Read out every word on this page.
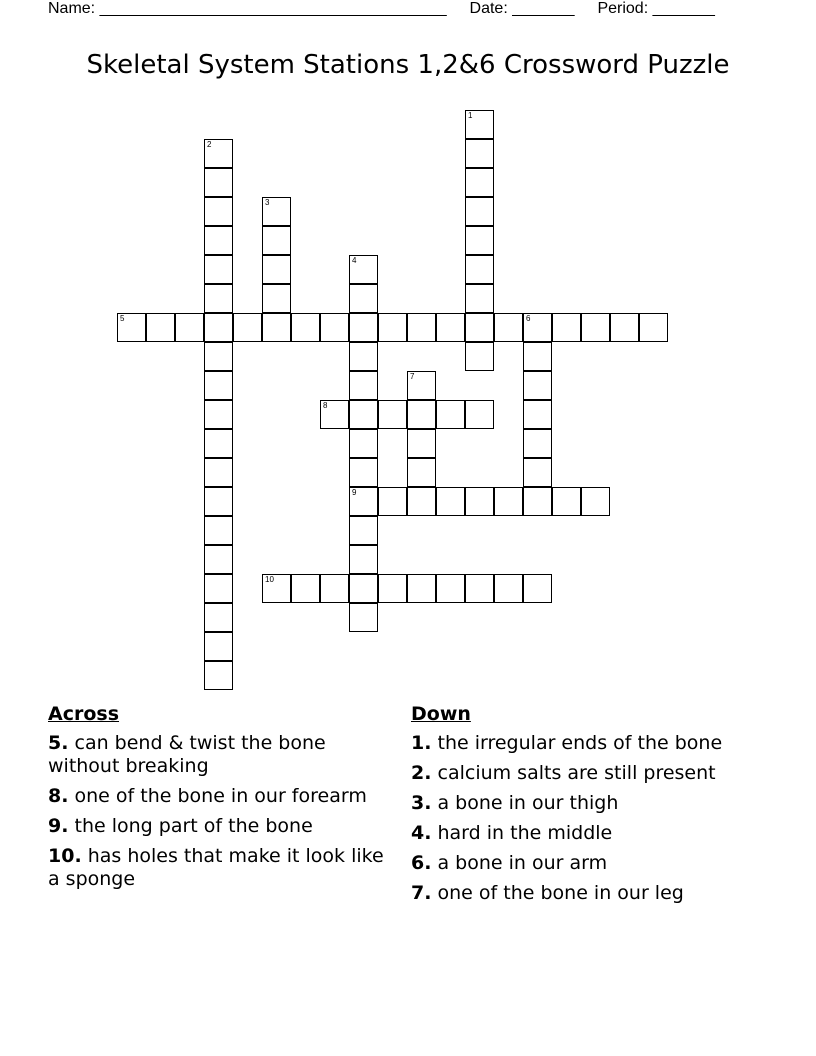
Name: _______________________________________ Date: _______ Period: _______
Skeletal System Stations 1,2&6 Crossword Puzzle
1
2
3
4
9
5	6
7
8
10
Across
5. can bend & twist the bone without breaking
8. one of the bone in our forearm
9. the long part of the bone
10. has holes that make it look like a sponge
Down
1. the irregular ends of the bone
2. calcium salts are still present
3. a bone in our thigh
4. hard in the middle
6. a bone in our arm
7. one of the bone in our leg
